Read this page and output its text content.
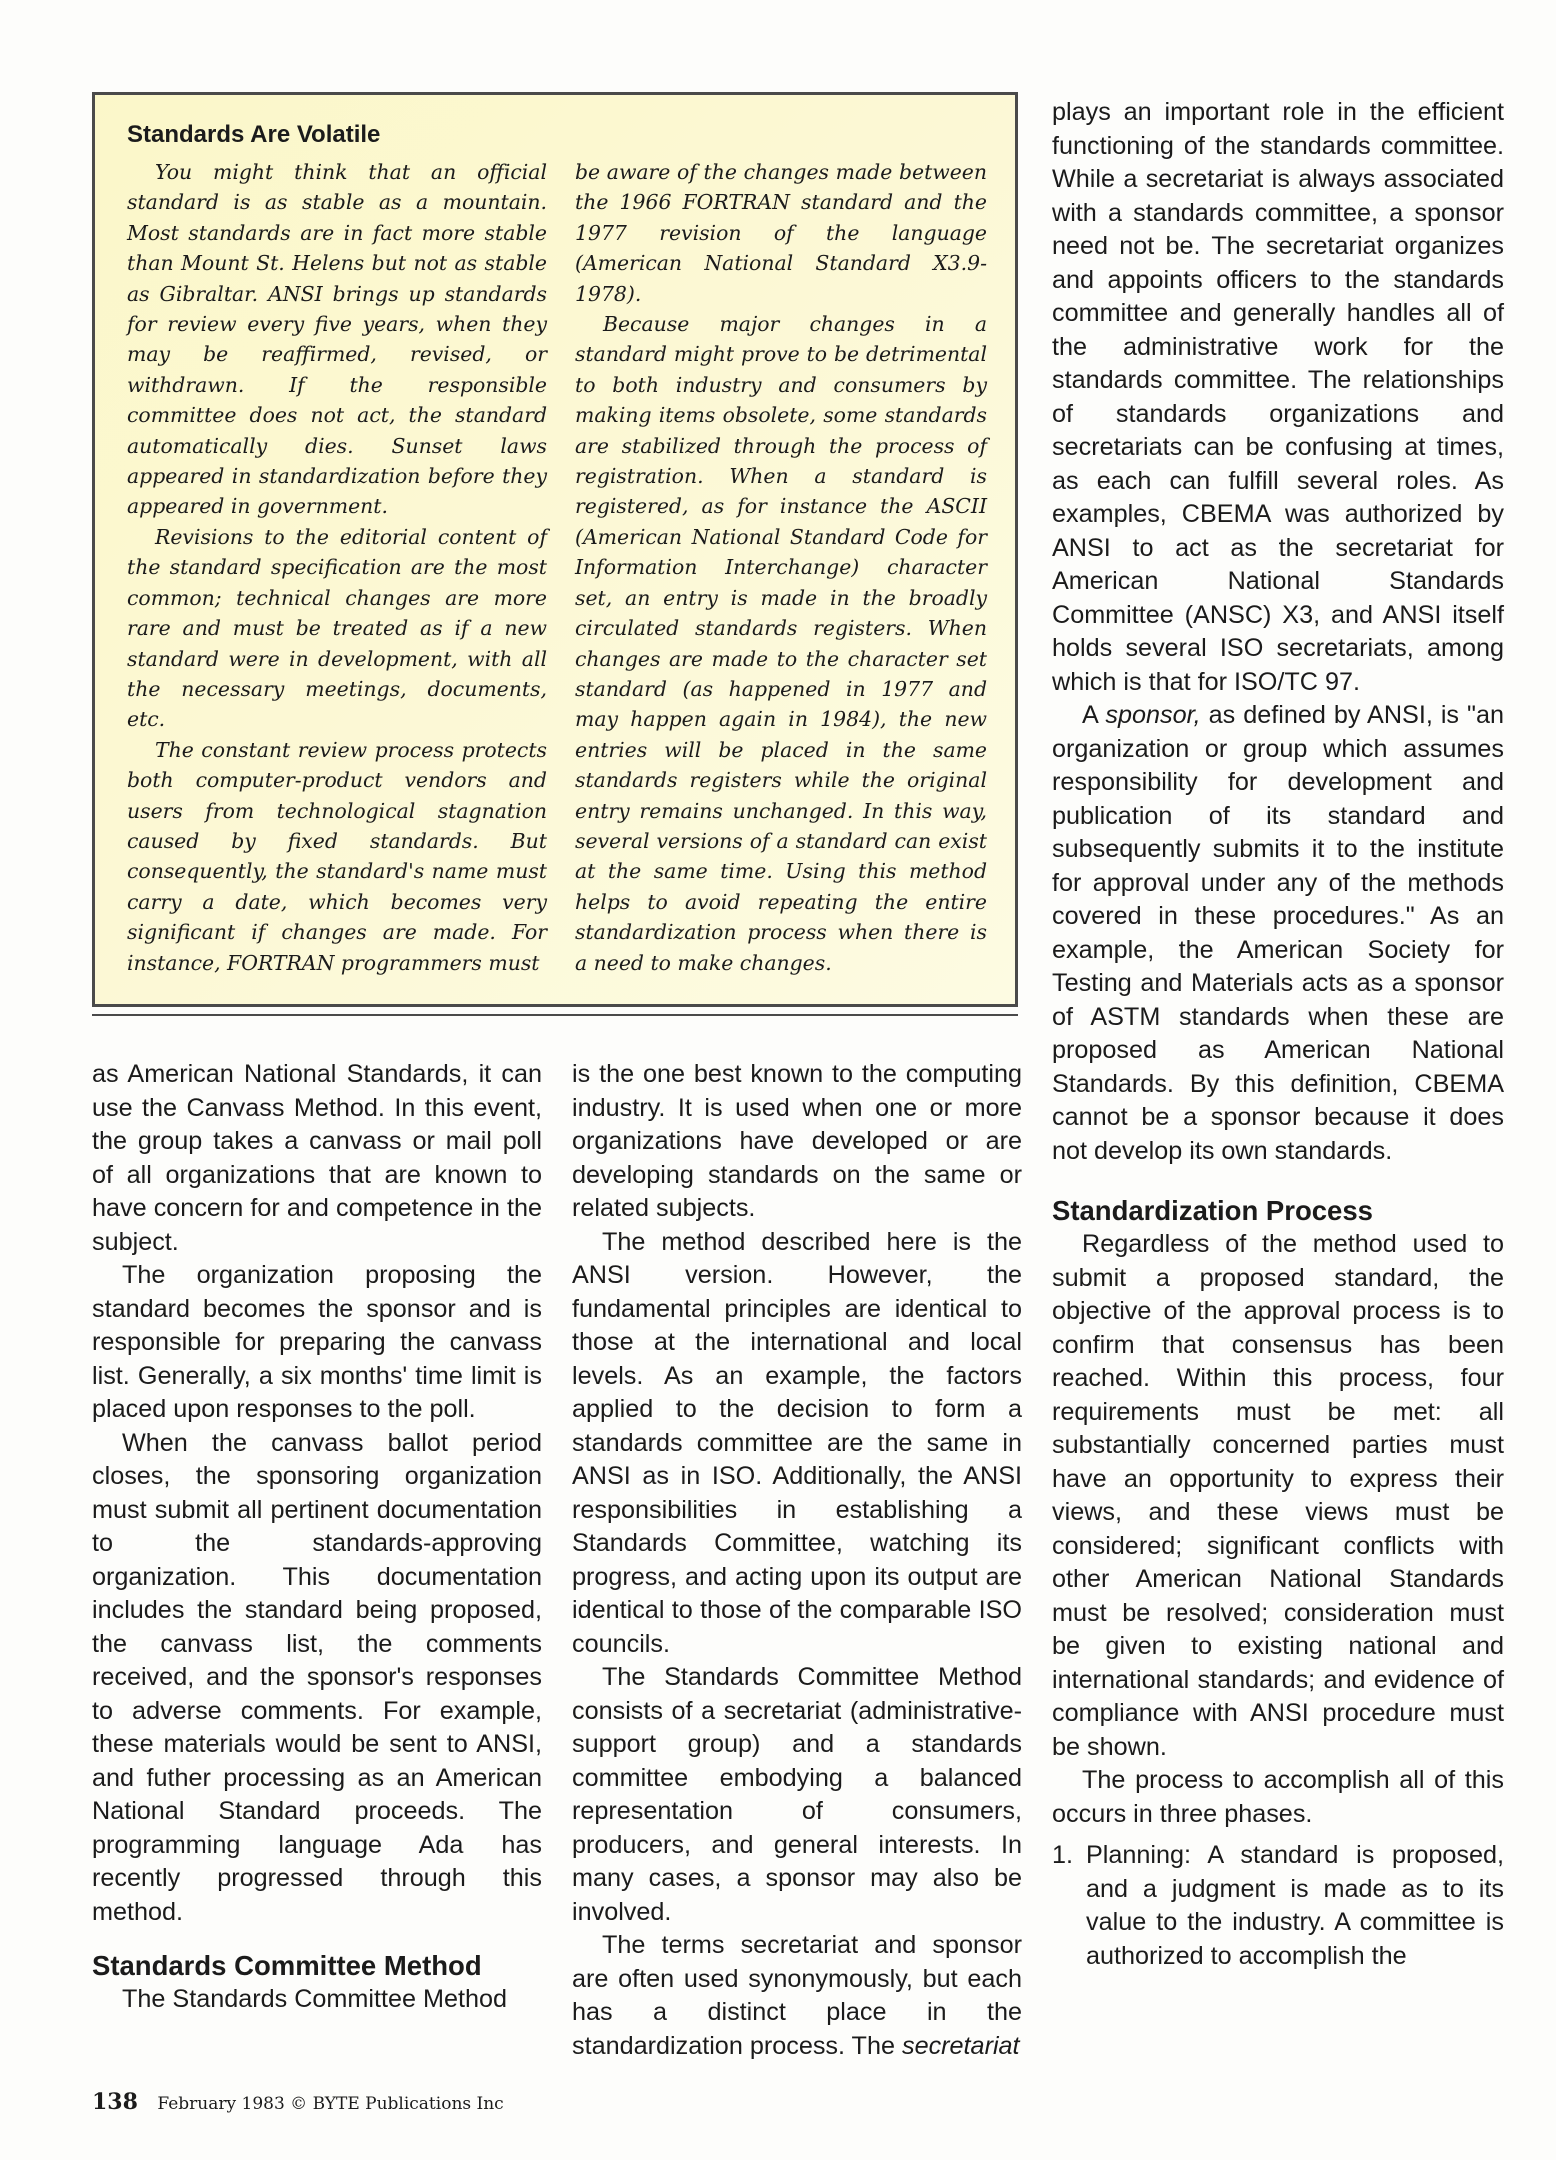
Standards Are Volatile

You might think that an official standard is as stable as a mountain. Most standards are in fact more stable than Mount St. Helens but not as stable as Gibraltar. ANSI brings up standards for review every five years, when they may be reaffirmed, revised, or withdrawn. If the responsible committee does not act, the standard automatically dies. Sunset laws appeared in standardization before they appeared in government.

Revisions to the editorial content of the standard specification are the most common; technical changes are more rare and must be treated as if a new standard were in development, with all the necessary meetings, documents, etc.

The constant review process protects both computer-product vendors and users from technological stagnation caused by fixed standards. But consequently, the standard's name must carry a date, which becomes very significant if changes are made. For instance, FORTRAN programmers must

be aware of the changes made between the 1966 FORTRAN standard and the 1977 revision of the language (American National Standard X3.9-1978).

Because major changes in a standard might prove to be detrimental to both industry and consumers by making items obsolete, some standards are stabilized through the process of registration. When a standard is registered, as for instance the ASCII (American National Standard Code for Information Interchange) character set, an entry is made in the broadly circulated standards registers. When changes are made to the character set standard (as happened in 1977 and may happen again in 1984), the new entries will be placed in the same standards registers while the original entry remains unchanged. In this way, several versions of a standard can exist at the same time. Using this method helps to avoid repeating the entire standardization process when there is a need to make changes.

as American National Standards, it can use the Canvass Method. In this event, the group takes a canvass or mail poll of all organizations that are known to have concern for and competence in the subject.

The organization proposing the standard becomes the sponsor and is responsible for preparing the canvass list. Generally, a six months' time limit is placed upon responses to the poll.

When the canvass ballot period closes, the sponsoring organization must submit all pertinent documentation to the standards-approving organization. This documentation includes the standard being proposed, the canvass list, the comments received, and the sponsor's responses to adverse comments. For example, these materials would be sent to ANSI, and futher processing as an American National Standard proceeds. The programming language Ada has recently progressed through this method.

Standards Committee Method

The Standards Committee Method

is the one best known to the computing industry. It is used when one or more organizations have developed or are developing standards on the same or related subjects.

The method described here is the ANSI version. However, the fundamental principles are identical to those at the international and local levels. As an example, the factors applied to the decision to form a standards committee are the same in ANSI as in ISO. Additionally, the ANSI responsibilities in establishing a Standards Committee, watching its progress, and acting upon its output are identical to those of the comparable ISO councils.

The Standards Committee Method consists of a secretariat (administrative-support group) and a standards committee embodying a balanced representation of consumers, producers, and general interests. In many cases, a sponsor may also be involved.

The terms secretariat and sponsor are often used synonymously, but each has a distinct place in the standardization process. The secretariat

plays an important role in the efficient functioning of the standards committee. While a secretariat is always associated with a standards committee, a sponsor need not be. The secretariat organizes and appoints officers to the standards committee and generally handles all of the administrative work for the standards committee. The relationships of standards organizations and secretariats can be confusing at times, as each can fulfill several roles. As examples, CBEMA was authorized by ANSI to act as the secretariat for American National Standards Committee (ANSC) X3, and ANSI itself holds several ISO secretariats, among which is that for ISO/TC 97.

A sponsor, as defined by ANSI, is "an organization or group which assumes responsibility for development and publication of its standard and subsequently submits it to the institute for approval under any of the methods covered in these procedures." As an example, the American Society for Testing and Materials acts as a sponsor of ASTM standards when these are proposed as American National Standards. By this definition, CBEMA cannot be a sponsor because it does not develop its own standards.

Standardization Process

Regardless of the method used to submit a proposed standard, the objective of the approval process is to confirm that consensus has been reached. Within this process, four requirements must be met: all substantially concerned parties must have an opportunity to express their views, and these views must be considered; significant conflicts with other American National Standards must be resolved; consideration must be given to existing national and international standards; and evidence of compliance with ANSI procedure must be shown.

The process to accomplish all of this occurs in three phases.

1. Planning: A standard is proposed, and a judgment is made as to its value to the industry. A committee is authorized to accomplish the
138 February 1983 © BYTE Publications Inc
